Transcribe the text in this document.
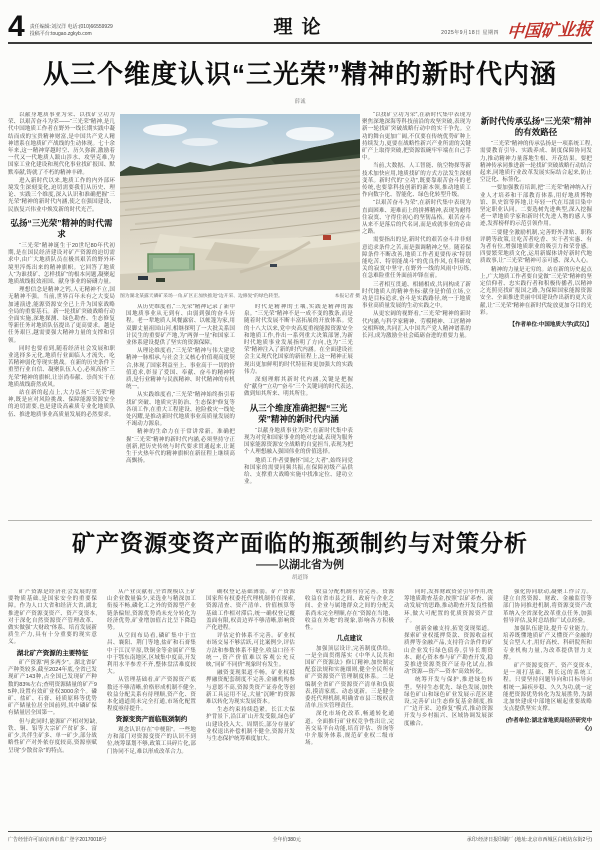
4 责任编辑:刘汉洋 电话:(010)66559929
投稿平台:tougao.zgkyb.com	理论	2025年9月18日 星期四 中国矿业报
从三个维度认识“三光荣”精神的新时代内涵
薛诚

以献身地质事业为荣、以找矿立功为荣、以艰苦奋斗为荣——“三光荣”精神,是几代中国地质工作者在野外一线长期实践中凝结而成的宝贵精神财富,是中国共产党人精神谱系在地质矿产战线的生动体现。七十余年来,这一精神穿越时空、历久弥新,激励着一代又一代地质人跋山涉水、攻坚克难,为国家工业化建设和现代化事业找矿报国、默默奉献,铸就了不朽的精神丰碑。

进入新时代以来,地质工作的内外部环境发生深刻变化,迫切需要我们从历史、理论、实践三个维度,深入认识和准确把握“三光荣”精神的新时代内涵,使之在强国建设、民族复兴伟业中焕发新的时代光芒。

弘扬“三光荣”精神的时代需求

“三光荣”精神诞生于20世纪80年代初期,是在国民经济建设对矿产资源的迫切需求中,由广大地质队员在极其艰苦的野外环境里淬炼出来的精神旗帜。它回答了地质人“为谁找矿、怎样找矿”的根本问题,凝聚起地质战线报效祖国、献身事业的磅礴力量。

理想信念是精神之钙,人无精神不立,国无精神不强。当前,世界百年未有之大变局加速演进,能源资源安全已上升为国家战略全局的重要基石。新一轮找矿突破战略行动全面实施,深地探测、绿色勘查、生态修复等新任务对地质队伍提出了更高要求。越是任务艰巨,越需要强大精神力量的支撑和引领。

同时也要看到,随着经济社会发展和职业选择多元化,地质行业面临人才流失、吃苦精神弱化等现实挑战。在新的历史条件下重塑行业自信、凝聚队伍人心,必须高扬“三光荣”精神的旗帜,让崇尚奉献、崇尚实干在地质战线蔚然成风。

站在新的起点上,大力弘扬“三光荣”精神,既是应对风险挑战、保障能源资源安全的迫切需要,也是建设高素质专业化地质队伍、推进地质事业高质量发展的必然要求。

图为湖北某露天磷矿采场一角,矿区正加快推进“边开采、边修复”的绿色转型。	本报记者 摄

从历史维度看,“三光荣”精神记录了新中国地质事业从无到有、由弱到强的奋斗历程。老一辈地质人风餐露宿、以帐篷为家,用双脚丈量祖国山河,相继探明了一大批关系国计民生的重要矿产地,为“两弹一星”和国家工业体系建设提供了坚实的资源保障。

从理论维度看,“三光荣”精神与伟大建党精神一脉相承,与社会主义核心价值观高度契合,体现了国家利益至上、事业高于一切的价值追求,彰显了爱国、奉献、奋斗的精神特质,是行业精神与民族精神、时代精神的有机统一。

从实践维度看,“三光荣”精神始终指引着找矿突破、地质灾害防治、生态保护修复等各项工作,在重大工程建设、抢险救灾一线处处闪耀,是推动新时代地质事业高质量发展的不竭动力源泉。

精神的生命力在于常讲常新。准确把握“三光荣”精神的新时代内涵,必须坚持守正创新,把历史传统与时代要求贯通起来,让诞生于火热年代的精神旗帜在新征程上继续高高飘扬。

时代是精神的土壤,实践是精神的源泉。“三光荣”精神不是一成不变的教条,而是随着时代发展不断丰富拓展的开放体系。党的十八大以来,党中央高度重视能源资源安全和地质工作,作出一系列重大决策部署,为新时代地质事业发展指明了方向,也为“三光荣”精神注入了新的时代内涵。在全面建设社会主义现代化国家的新征程上,这一精神正展现出更加鲜明的时代特征和更加强大的实践伟力。

深刻理解其新时代内涵,关键是把握好“献身”“立功”“奋斗”三个关键词的时代表达,做到知其所来、明其所往。

从三个维度准确把握“三光荣”精神的新时代内涵

“以献身地质事业为荣”,在新时代集中表现为对党和国家事业的绝对忠诚,表现为服务国家能源资源安全战略的自觉担当,表现为把个人理想融入强国伟业的价值选择。

地质工作者要胸怀“国之大者”,始终同党和国家的需要同频共振,在保障初级产品供给、支撑重大战略实施中找准定位、建功立业。

“以找矿立功为荣”,在新时代集中表现为聚焦深地深海等科技前沿的攻坚突破,表现为新一轮找矿突破战略行动中的实干争先。立功的舞台更加广阔,不仅要在传统优势矿种上持续发力,更要在战略性新兴产业所需的关键矿产上取得突破,把资源饭碗牢牢端在自己手中。

当前,大数据、人工智能、航空物探等新技术加快应用,地质找矿的方式方法发生深刻变革。新时代的“立功”,既要靠艰苦奋斗的老传统,也要靠科技创新的新本领,推动地质工作向数字化、智能化、绿色化转型升级。

“以艰苦奋斗为荣”,在新时代集中表现为直面困难、迎难而上的拼搏精神,表现为耐得住寂寞、守得住初心的坚韧品格。艰苦奋斗从来不是落后的代名词,而是成就事业的必由之路。

需要指出的是,新时代的艰苦奋斗并非刻意追求条件之苦,而是强调精神之坚。随着保障条件不断改善,地质工作者更要传承“特别能吃苦、特别能战斗”的优良作风,在科研攻关的寂寞中坚守,在野外一线的风雨中历练,在急难险重任务面前冲锋在前。

三者相互贯通、相辅相成,共同构成了新时代地质人的精神坐标:献身是价值立场,立功是目标追求,奋斗是实践路径,统一于地质事业高质量发展的生动实践之中。

从更宏阔的视野看,“三光荣”精神的新时代内涵,与科学家精神、劳模精神、工匠精神交相辉映,共同汇入中国共产党人精神谱系的长河,成为激励全社会砥砺奋进的重要力量。

新时代传承弘扬“三光荣”精神的有效路径

“三光荣”精神的传承弘扬是一项系统工程,需要教育引导、实践养成、制度保障协同发力,推动精神力量落地生根、开花结果。要把精神传承同推进新一轮找矿突破战略行动结合起来,同地质行业改革发展实际结合起来,防止空泛化、标签化。

一要加强教育培训,把“三光荣”精神纳入行业人才培养和干部教育体系,用好地质博物馆、队史馆等阵地,让年轻一代在耳濡目染中坚定职业认同。二要选树先进典型,深入挖掘老一辈地质学家和新时代先进人物的感人事迹,发挥榜样的示范引领作用。

三要健全激励机制,完善野外津贴、职称评聘等政策,让吃苦者吃香、实干者实惠、有为者有位,增强地质职业的吸引力和荣誉感。四要繁荣地质文化,运用新媒体讲好新时代地质故事,让“三光荣”精神可亲可感、深入人心。

精神的力量是无穷的。站在新的历史起点上,广大地质工作者要自觉做“三光荣”精神的坚定信仰者、忠实践行者和积极传播者,以精神之光照亮找矿报国之路,为保障国家能源资源安全、全面推进美丽中国建设作出新的更大贡献,让“三光荣”精神在新时代绽放更加夺目的光彩。

【作者单位:中国地质大学(武汉)】
矿产资源变资产面临的瓶颈制约与对策分析
——以湖北省为例
胡道锋

矿产资源是经济社会发展的重要物质基础,是国家安全的重要保障。作为人口大省和经济大省,湖北推进矿产资源变资产、资产变资本,对于深化自然资源资产管理改革、做实做强“大财政”体系、培育发展新质生产力,具有十分重要的现实意义。

湖北矿产资源的主要特征

矿产资源“两多两少”。湖北省矿产种类较多,截至2024年底,全省已发现矿产143种,占全国已发现矿产种数的83%左右;查明资源储量的矿产95种,设置有效矿业权3000余个。磷矿、盐矿、石膏、硅质原料等优势矿产储量位居全国前列,其中磷矿保有储量居全国第一。

但与此同时,能源矿产相对短缺,铁、铜、铝等大宗矿产贫矿多、富矿少,共伴生矿多、单一矿少,部分战略性矿产对外依存度较高,资源禀赋呈现“少散贫杂”的特点。

从产业贡献看,全省规模以上矿山企业数量偏少,采选业与精深加工衔接不畅,磷化工之外的资源型产业链条偏短,资源优势尚未充分转化为经济优势,矿业增加值占比呈下降趋势。

从空间布局看,磷矿集中于宜昌、襄阳、荆门等地,盐矿和石膏集中于江汉平原,铁铜金等金属矿产集中于鄂东南地区,区域集中度高,开发利用水平参差不齐,整体盘活难度较大。

从管理基础看,矿产资源资产底数还不够清晰,价格形成机制不健全,收益分配关系有待理顺,资产化、资本化通道尚未完全打通,市场化配置程度亟待提升。

资源变资产面临瓶颈制约

观念认识存在“中梗阻”。一些地方和部门对资源变资产的认识不到位,统筹谋划不够,政策工具碎片化,部门协同不足,难以形成改革合力。

确权登记基础薄弱。矿产资源国家所有权委托代理机制仍在探索,资源清查、资产清单、价值核算等基础工作相对滞后,统一确权登记覆盖面有限,权责边界不够清晰,影响资产化进程。

评估定价体系不完善。矿业权市场交易不够活跃,可比案例少,评估方法和参数体系不健全,收益口径不统一,资产价值难以客观公允反映,“同矿不同价”现象时有发生。

融资变现渠道不畅。矿业权抵押融资配套制度不完善,金融机构参与意愿不高,资源类资产证券化等创新工具运用不足,大量“沉睡”的资源难以转化为现实发展资本。

生态约束持续趋紧。长江大保护背景下,沿江矿山开发受限,绿色矿山建设投入大、周期长,部分存量矿业权退出补偿机制不健全,资源开发与生态保护统筹难度加大。

收益分配机制有待完善。资源收益在省市县之间、政府与企业之间、企业与属地群众之间的分配关系尚未完全理顺,存在“资源在当地、收益在外地”的现象,影响各方积极性。

几点建议

加强顶层设计,完善制度供给。一是全面贯彻落实《中华人民共和国矿产资源法》修订精神,加快制定配套法规和实施细则,健全全民所有矿产资源资产管理制度体系。二是编制全省矿产资源资产清单和负债表,摸清家底、动态更新。三是健全委托代理机制,明确省市县三级权责清单,压实管理责任。

深化市场化改革,畅通转化通道。全面推行矿业权竞争性出让,完善交易平台功能,培育评估、咨询等中介服务体系,规范矿业权二级市场。

同时,发挥财政资金引导作用,统筹地质勘查基金,按照“以矿养查、滚动发展”的思路,推动勘查开发良性循环,做大可配置的优质资源资产盘子。

创新金融支持,拓宽变现渠道。探索矿业权抵押贷款、资源收益权质押等金融产品,支持符合条件的矿山企业发行绿色债券,引导长期资本、耐心资本参与矿产勘查开发,稳妥推进资源类资产证券化试点,推动“资源—资产—资本”高效转化。

统筹开发与保护,推进绿色转型。坚持生态优先、绿色发展,加快绿色矿山和绿色矿业发展示范区建设,完善矿山生态修复基金制度,推广“边开采、边修复”模式,推动资源开发与乡村振兴、区域协调发展深度融合。

强化协同联动,凝聚工作合力。建立自然资源、财政、金融监管等部门协同推进机制,将资源变资产改革纳入全省深化改革重点任务,加强督导评估,及时总结推广试点经验。

加强队伍建设,提升专业能力。培养既懂地质矿产又懂资产金融的复合型人才,用好高校、科研院所和专业机构力量,为改革提供智力支撑。

矿产资源变资产、资产变资本,是一项打基础、利长远的系统工程。只要坚持问题导向和目标导向相统一,蹄疾步稳、久久为功,就一定能把资源优势转化为发展胜势,为湖北加快建成中部地区崛起重要战略支点提供坚实支撑。

(作者单位:湖北省地质局经济研究中心)
广告经营许可证/京西市监广登字20170018号	全年价380元	承印:经济日报印刷厂 (地址:北京市西城区白纸坊东街2号)
